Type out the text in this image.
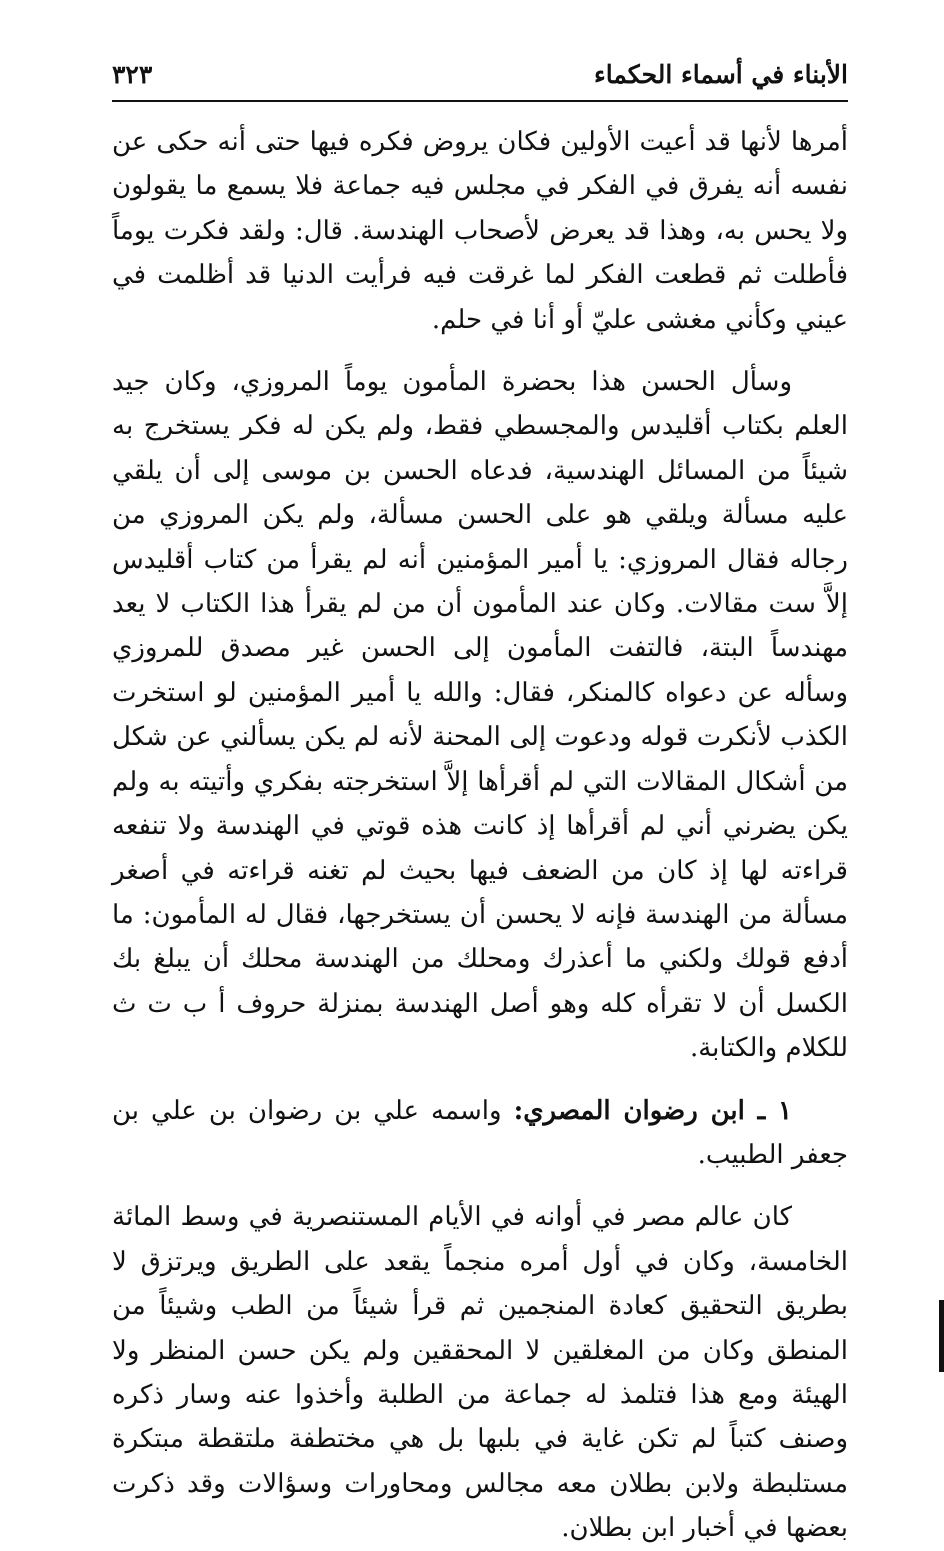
الأبناء في أسماء الحكماء
٣٢٣

أمرها لأنها قد أعيت الأولين فكان يروض فكره فيها حتى أنه حكى عن نفسه أنه يفرق في الفكر في مجلس فيه جماعة فلا يسمع ما يقولون ولا يحس به، وهذا قد يعرض لأصحاب الهندسة. قال: ولقد فكرت يوماً فأطلت ثم قطعت الفكر لما غرقت فيه فرأيت الدنيا قد أظلمت في عيني وكأني مغشى عليّ أو أنا في حلم.

وسأل الحسن هذا بحضرة المأمون يوماً المروزي، وكان جيد العلم بكتاب أقليدس والمجسطي فقط، ولم يكن له فكر يستخرج به شيئاً من المسائل الهندسية، فدعاه الحسن بن موسى إلى أن يلقي عليه مسألة ويلقي هو على الحسن مسألة، ولم يكن المروزي من رجاله فقال المروزي: يا أمير المؤمنين أنه لم يقرأ من كتاب أقليدس إلاَّ ست مقالات. وكان عند المأمون أن من لم يقرأ هذا الكتاب لا يعد مهندساً البتة، فالتفت المأمون إلى الحسن غير مصدق للمروزي وسأله عن دعواه كالمنكر، فقال: والله يا أمير المؤمنين لو استخرت الكذب لأنكرت قوله ودعوت إلى المحنة لأنه لم يكن يسألني عن شكل من أشكال المقالات التي لم أقرأها إلاَّ استخرجته بفكري وأتيته به ولم يكن يضرني أني لم أقرأها إذ كانت هذه قوتي في الهندسة ولا تنفعه قراءته لها إذ كان من الضعف فيها بحيث لم تغنه قراءته في أصغر مسألة من الهندسة فإنه لا يحسن أن يستخرجها، فقال له المأمون: ما أدفع قولك ولكني ما أعذرك ومحلك من الهندسة محلك أن يبلغ بك الكسل أن لا تقرأه كله وهو أصل الهندسة بمنزلة حروف أ ب ت ث للكلام والكتابة.

١ ـ ابن رضوان المصري: واسمه علي بن رضوان بن علي بن جعفر الطبيب.

كان عالم مصر في أوانه في الأيام المستنصرية في وسط المائة الخامسة، وكان في أول أمره منجماً يقعد على الطريق ويرتزق لا بطريق التحقيق كعادة المنجمين ثم قرأ شيئاً من الطب وشيئاً من المنطق وكان من المغلقين لا المحققين ولم يكن حسن المنظر ولا الهيئة ومع هذا فتلمذ له جماعة من الطلبة وأخذوا عنه وسار ذكره وصنف كتباً لم تكن غاية في بلبها بل هي مختطفة ملتقطة مبتكرة مستلبطة ولابن بطلان معه مجالس ومحاورات وسؤالات وقد ذكرت بعضها في أخبار ابن بطلان.
